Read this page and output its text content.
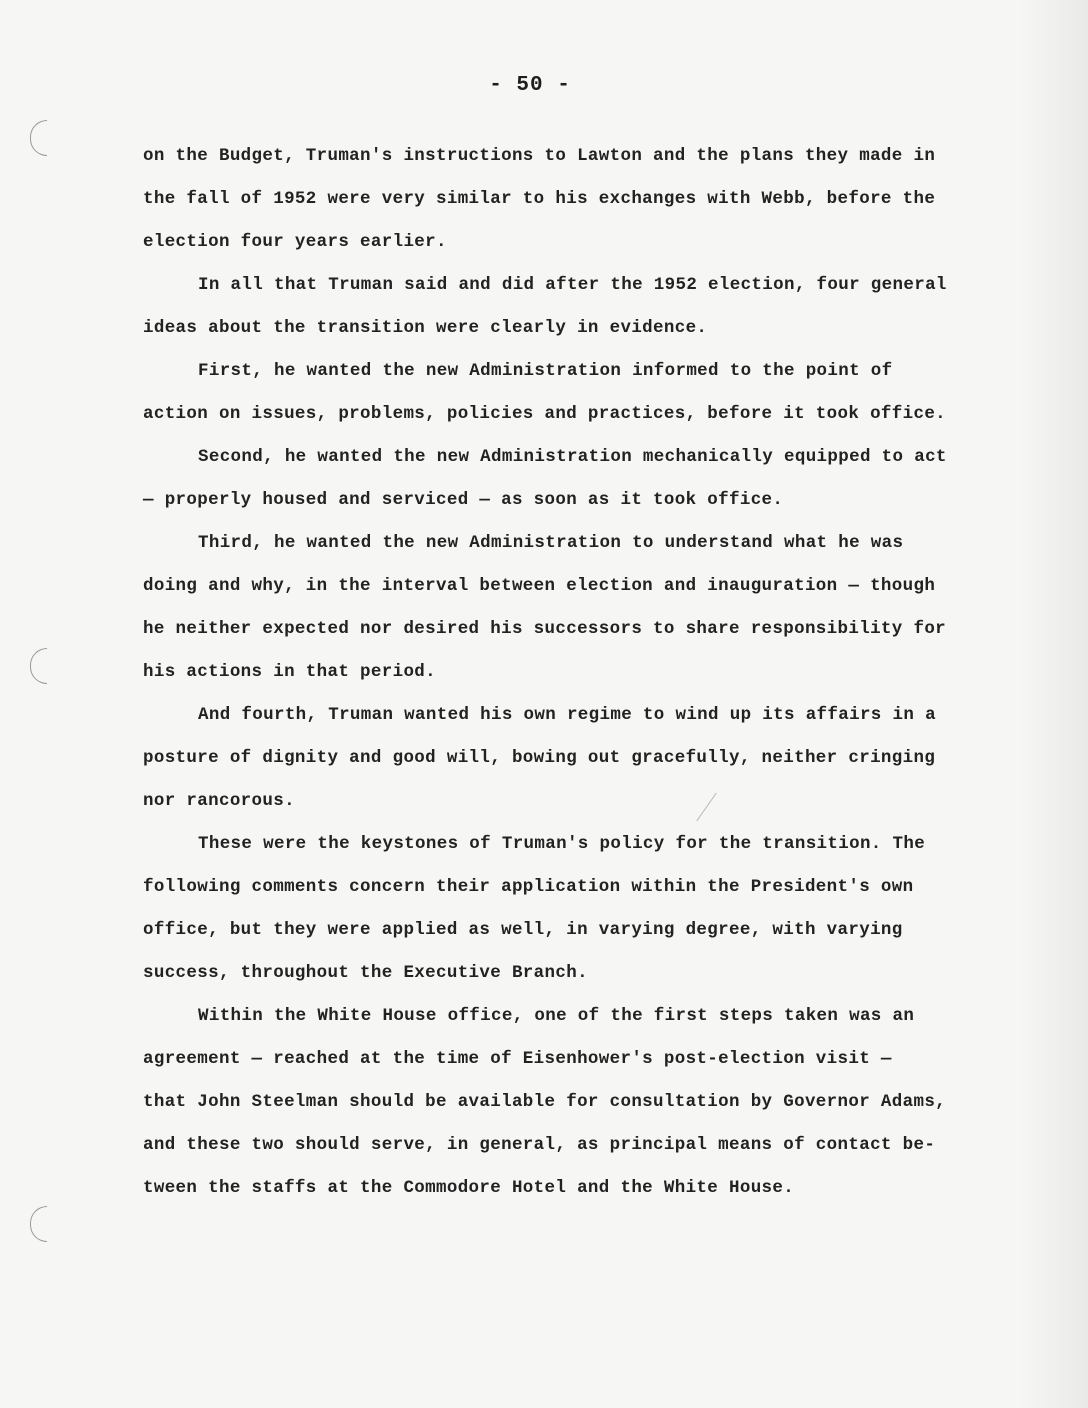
- 50 -
on the Budget, Truman's instructions to Lawton and the plans they made in
the fall of 1952 were very similar to his exchanges with Webb, before the
election four years earlier.
In all that Truman said and did after the 1952 election, four general
ideas about the transition were clearly in evidence.
First, he wanted the new Administration informed to the point of
action on issues, problems, policies and practices, before it took office.
Second, he wanted the new Administration mechanically equipped to act
— properly housed and serviced — as soon as it took office.
Third, he wanted the new Administration to understand what he was
doing and why, in the interval between election and inauguration — though
he neither expected nor desired his successors to share responsibility for
his actions in that period.
And fourth, Truman wanted his own regime to wind up its affairs in a
posture of dignity and good will, bowing out gracefully, neither cringing
nor rancorous.
These were the keystones of Truman's policy for the transition. The
following comments concern their application within the President's own
office, but they were applied as well, in varying degree, with varying
success, throughout the Executive Branch.
Within the White House office, one of the first steps taken was an
agreement — reached at the time of Eisenhower's post-election visit —
that John Steelman should be available for consultation by Governor Adams,
and these two should serve, in general, as principal means of contact be-
tween the staffs at the Commodore Hotel and the White House.
